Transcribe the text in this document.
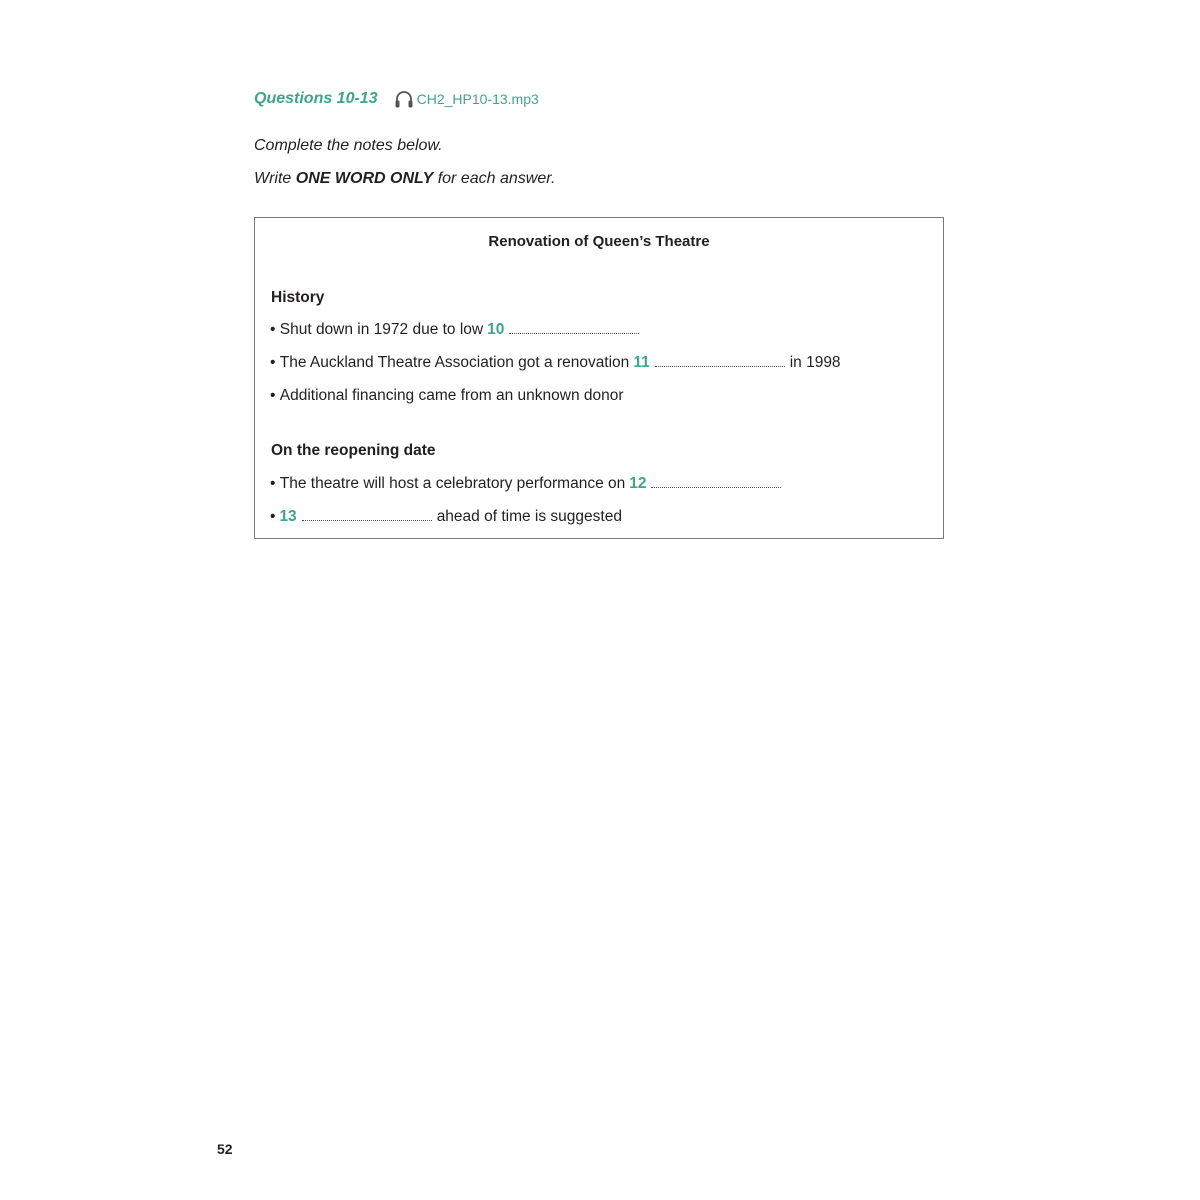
Questions 10-13	CH2_HP10-13.mp3
Complete the notes below.
Write ONE WORD ONLY for each answer.
Renovation of Queen’s Theatre
History
•
Shut down in 1972 due to low 10
•
The Auckland Theatre Association got a renovation 11	in 1998
•
Additional financing came from an unknown donor
On the reopening date
•
The theatre will host a celebratory performance on 12
• 13	ahead of time is suggested
52
